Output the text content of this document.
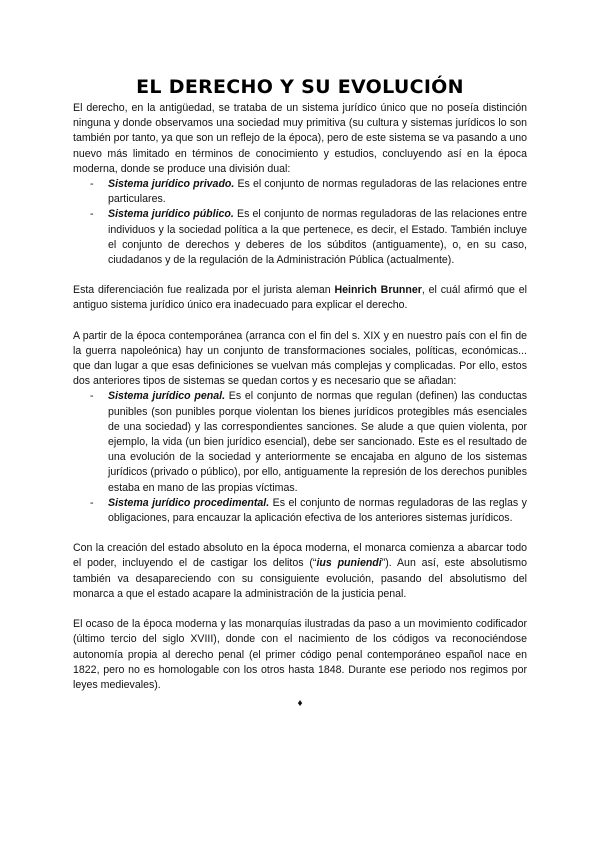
EL DERECHO Y SU EVOLUCIÓN

El derecho, en la antigüedad, se trataba de un sistema jurídico único que no poseía distinción ninguna y donde observamos una sociedad muy primitiva (su cultura y sistemas jurídicos lo son también por tanto, ya que son un reflejo de la época), pero de este sistema se va pasando a uno nuevo más limitado en términos de conocimiento y estudios, concluyendo así en la época moderna, donde se produce una división dual:

- Sistema jurídico privado. Es el conjunto de normas reguladoras de las relaciones entre particulares.
- Sistema jurídico público. Es el conjunto de normas reguladoras de las relaciones entre individuos y la sociedad política a la que pertenece, es decir, el Estado. También incluye el conjunto de derechos y deberes de los súbditos (antiguamente), o, en su caso, ciudadanos y de la regulación de la Administración Pública (actualmente).

Esta diferenciación fue realizada por el jurista aleman Heinrich Brunner, el cuál afirmó que el antiguo sistema jurídico único era inadecuado para explicar el derecho.

A partir de la época contemporánea (arranca con el fin del s. XIX y en nuestro país con el fin de la guerra napoleónica) hay un conjunto de transformaciones sociales, políticas, económicas... que dan lugar a que esas definiciones se vuelvan más complejas y complicadas. Por ello, estos dos anteriores tipos de sistemas se quedan cortos y es necesario que se añadan:

- Sistema jurídico penal. Es el conjunto de normas que regulan (definen) las conductas punibles (son punibles porque violentan los bienes jurídicos protegibles más esenciales de una sociedad) y las correspondientes sanciones. Se alude a que quien violenta, por ejemplo, la vida (un bien jurídico esencial), debe ser sancionado. Este es el resultado de una evolución de la sociedad y anteriormente se encajaba en alguno de los sistemas jurídicos (privado o público), por ello, antiguamente la represión de los derechos punibles estaba en mano de las propias víctimas.
- Sistema jurídico procedimental. Es el conjunto de normas reguladoras de las reglas y obligaciones, para encauzar la aplicación efectiva de los anteriores sistemas jurídicos.

Con la creación del estado absoluto en la época moderna, el monarca comienza a abarcar todo el poder, incluyendo el de castigar los delitos (“ius puniendi”). Aun así, este absolutismo también va desapareciendo con su consiguiente evolución, pasando del absolutismo del monarca a que el estado acapare la administración de la justicia penal.

El ocaso de la época moderna y las monarquías ilustradas da paso a un movimiento codificador (último tercio del siglo XVIII), donde con el nacimiento de los códigos va reconociéndose autonomía propia al derecho penal (el primer código penal contemporáneo español nace en 1822, pero no es homologable con los otros hasta 1848. Durante ese periodo nos regimos por leyes medievales).

♦
